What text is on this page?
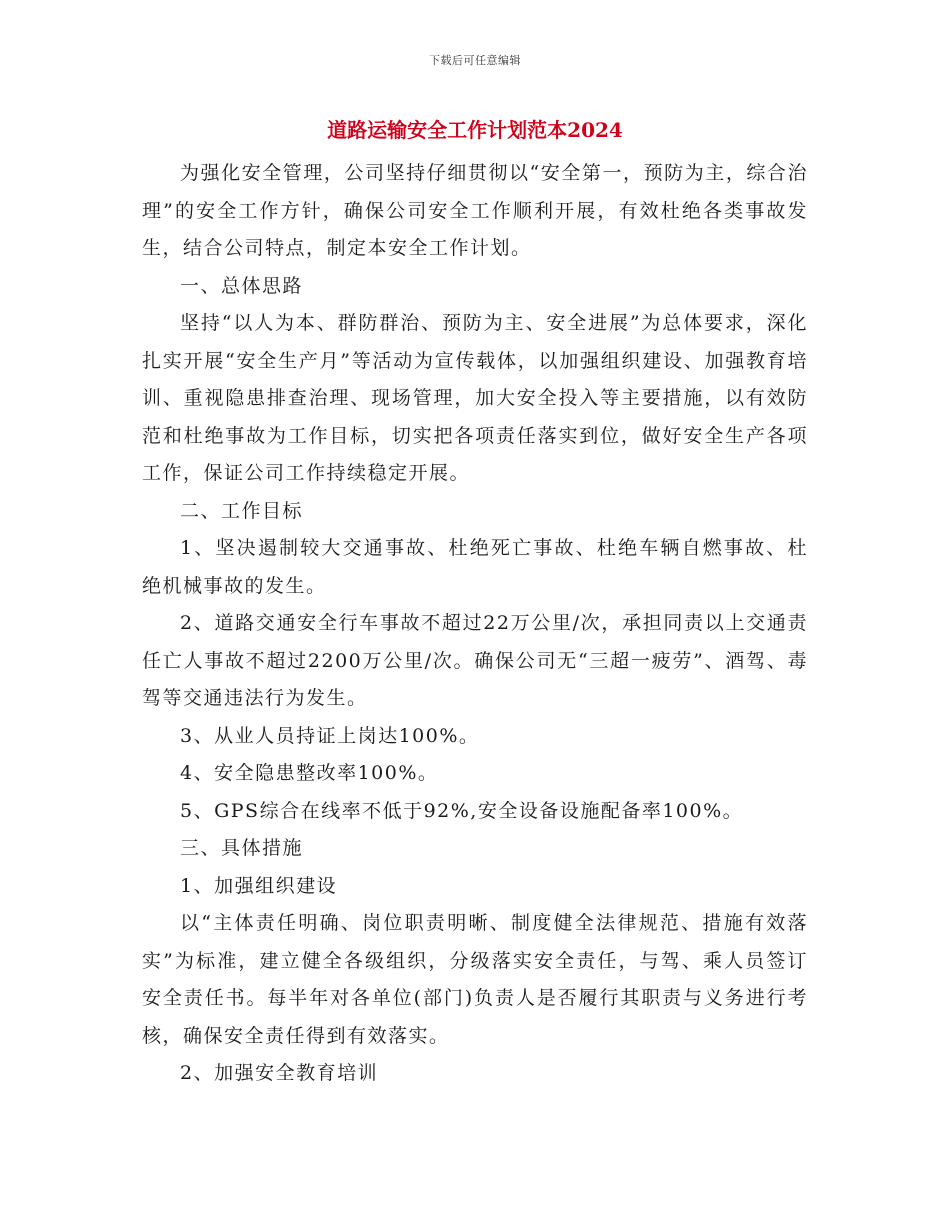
下载后可任意编辑
道路运输安全工作计划范本2024

为强化安全管理，公司坚持仔细贯彻以“安全第一，预防为主，综合治理”的安全工作方针，确保公司安全工作顺利开展，有效杜绝各类事故发生，结合公司特点，制定本安全工作计划。

一、总体思路

坚持“以人为本、群防群治、预防为主、安全进展”为总体要求，深化扎实开展“安全生产月”等活动为宣传载体，以加强组织建设、加强教育培训、重视隐患排查治理、现场管理，加大安全投入等主要措施，以有效防范和杜绝事故为工作目标，切实把各项责任落实到位，做好安全生产各项工作，保证公司工作持续稳定开展。

二、工作目标

1、坚决遏制较大交通事故、杜绝死亡事故、杜绝车辆自燃事故、杜绝机械事故的发生。

2、道路交通安全行车事故不超过22万公里/次，承担同责以上交通责任亡人事故不超过2200万公里/次。确保公司无“三超一疲劳”、酒驾、毒驾等交通违法行为发生。

3、从业人员持证上岗达100%。

4、安全隐患整改率100%。

5、GPS综合在线率不低于92%,安全设备设施配备率100%。

三、具体措施

1、加强组织建设

以“主体责任明确、岗位职责明晰、制度健全法律规范、措施有效落实”为标准，建立健全各级组织，分级落实安全责任，与驾、乘人员签订安全责任书。每半年对各单位(部门)负责人是否履行其职责与义务进行考核，确保安全责任得到有效落实。

2、加强安全教育培训
